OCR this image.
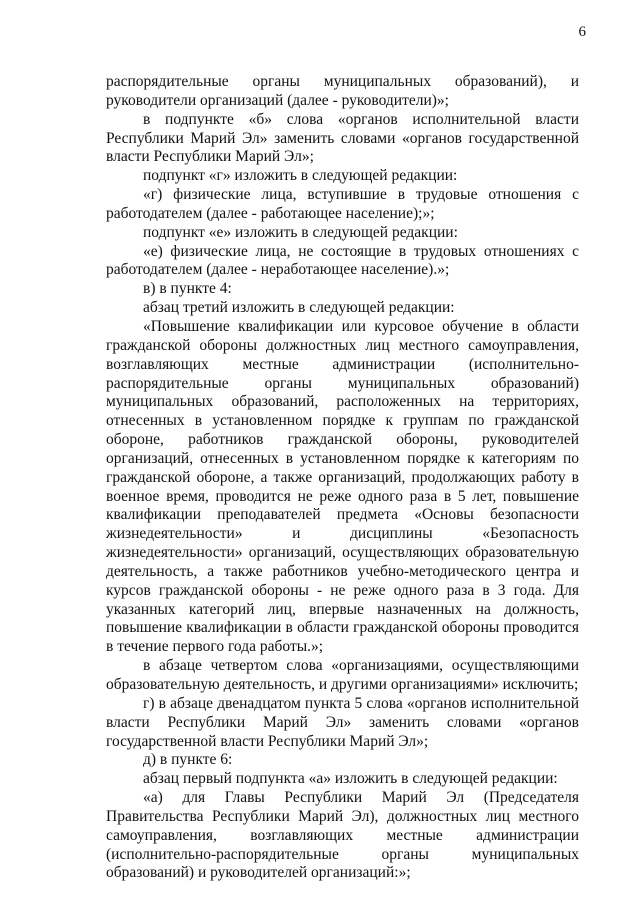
6

распорядительные органы муниципальных образований), и руководители организаций (далее - руководители)»;

в подпункте «б» слова «органов исполнительной власти Республики Марий Эл» заменить словами «органов государственной власти Республики Марий Эл»;

подпункт «г» изложить в следующей редакции:

«г) физические лица, вступившие в трудовые отношения с работодателем (далее - работающее население);»;

подпункт «е» изложить в следующей редакции:

«е) физические лица, не состоящие в трудовых отношениях с работодателем (далее - неработающее население).»;

в) в пункте 4:

абзац третий изложить в следующей редакции:

«Повышение квалификации или курсовое обучение в области гражданской обороны должностных лиц местного самоуправления, возглавляющих местные администрации (исполнительно-распорядительные органы муниципальных образований) муниципальных образований, расположенных на территориях, отнесенных в установленном порядке к группам по гражданской обороне, работников гражданской обороны, руководителей организаций, отнесенных в установленном порядке к категориям по гражданской обороне, а также организаций, продолжающих работу в военное время, проводится не реже одного раза в 5 лет, повышение квалификации преподавателей предмета «Основы безопасности жизнедеятельности» и дисциплины «Безопасность жизнедеятельности» организаций, осуществляющих образовательную деятельность, а также работников учебно-методического центра и курсов гражданской обороны - не реже одного раза в 3 года. Для указанных категорий лиц, впервые назначенных на должность, повышение квалификации в области гражданской обороны проводится в течение первого года работы.»;

в абзаце четвертом слова «организациями, осуществляющими образовательную деятельность, и другими организациями» исключить;

г) в абзаце двенадцатом пункта 5 слова «органов исполнительной власти Республики Марий Эл» заменить словами «органов государственной власти Республики Марий Эл»;

д) в пункте 6:

абзац первый подпункта «а» изложить в следующей редакции:

«а) для Главы Республики Марий Эл (Председателя Правительства Республики Марий Эл), должностных лиц местного самоуправления, возглавляющих местные администрации (исполнительно-распорядительные органы муниципальных образований) и руководителей организаций:»;
